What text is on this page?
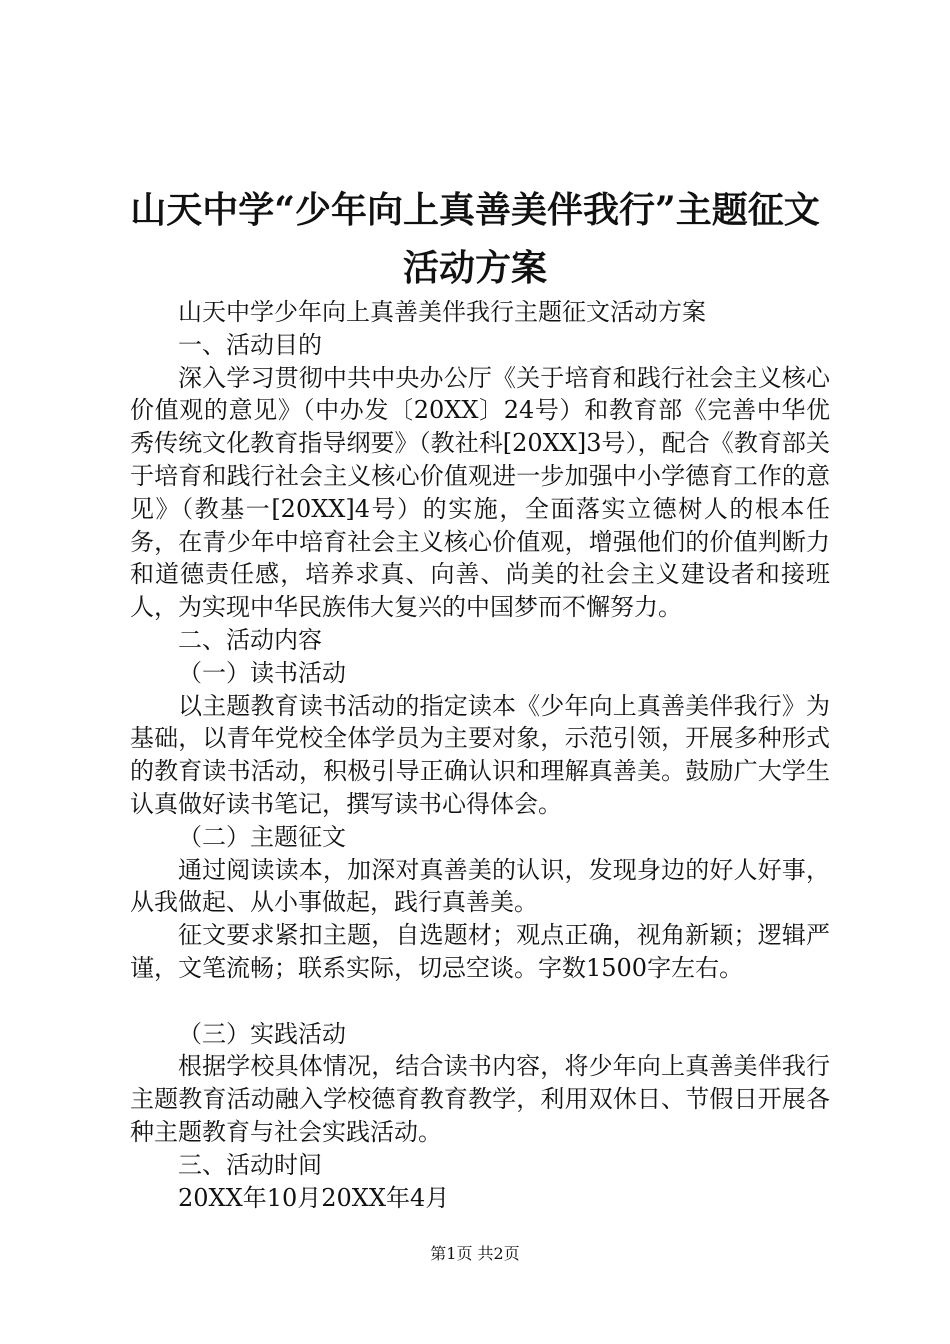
山天中学“少年向上真善美伴我行”主题征文
活动方案

山天中学少年向上真善美伴我行主题征文活动方案

一、活动目的

深入学习贯彻中共中央办公厅《关于培育和践行社会主义核心价值观的意见》（中办发〔20XX〕24号）和教育部《完善中华优秀传统文化教育指导纲要》（教社科[20XX]3号），配合《教育部关于培育和践行社会主义核心价值观进一步加强中小学德育工作的意见》（教基一[20XX]4号）的实施，全面落实立德树人的根本任务，在青少年中培育社会主义核心价值观，增强他们的价值判断力和道德责任感，培养求真、向善、尚美的社会主义建设者和接班人，为实现中华民族伟大复兴的中国梦而不懈努力。

二、活动内容

（一）读书活动

以主题教育读书活动的指定读本《少年向上真善美伴我行》为基础，以青年党校全体学员为主要对象，示范引领，开展多种形式的教育读书活动，积极引导正确认识和理解真善美。鼓励广大学生认真做好读书笔记，撰写读书心得体会。

（二）主题征文

通过阅读读本，加深对真善美的认识，发现身边的好人好事，从我做起、从小事做起，践行真善美。

征文要求紧扣主题，自选题材；观点正确，视角新颖；逻辑严谨，文笔流畅；联系实际，切忌空谈。字数1500字左右。

（三）实践活动

根据学校具体情况，结合读书内容，将少年向上真善美伴我行主题教育活动融入学校德育教育教学，利用双休日、节假日开展各种主题教育与社会实践活动。

三、活动时间

20XX年10月20XX年4月

第1页 共2页
